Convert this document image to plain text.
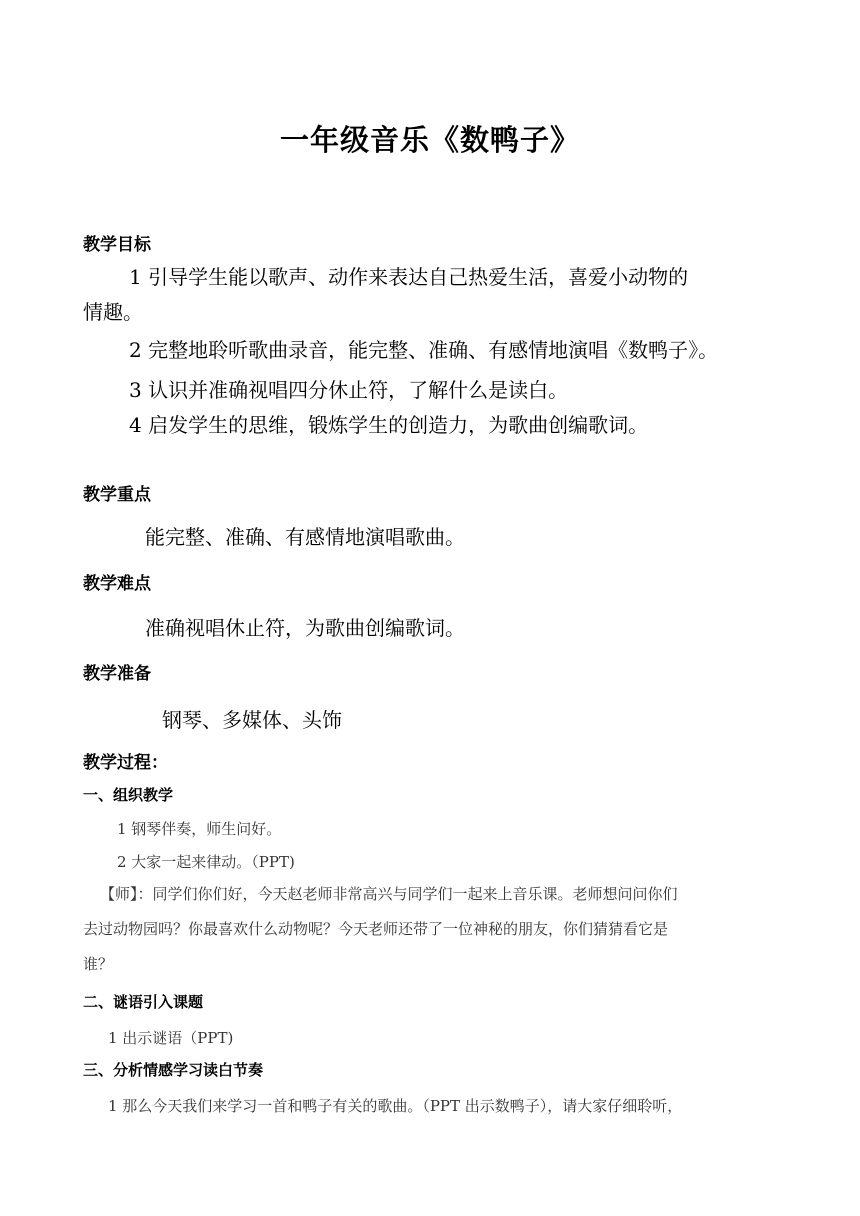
一年级音乐《数鸭子》
教学目标
1 引导学生能以歌声、动作来表达自己热爱生活，喜爱小动物的
情趣。
2 完整地聆听歌曲录音，能完整、准确、有感情地演唱《数鸭子》。
3 认识并准确视唱四分休止符，了解什么是读白。
4 启发学生的思维，锻炼学生的创造力，为歌曲创编歌词。
教学重点
能完整、准确、有感情地演唱歌曲。
教学难点
准确视唱休止符，为歌曲创编歌词。
教学准备
钢琴、多媒体、头饰
教学过程：
一、组织教学
1 钢琴伴奏，师生问好。
2 大家一起来律动。（PPT)
【师】：同学们你们好，今天赵老师非常高兴与同学们一起来上音乐课。老师想问问你们
去过动物园吗？你最喜欢什么动物呢？今天老师还带了一位神秘的朋友，你们猜猜看它是
谁？
二、谜语引入课题
1 出示谜语（PPT)
三、分析情感学习读白节奏
1 那么今天我们来学习一首和鸭子有关的歌曲。（PPT 出示数鸭子），请大家仔细聆听，
